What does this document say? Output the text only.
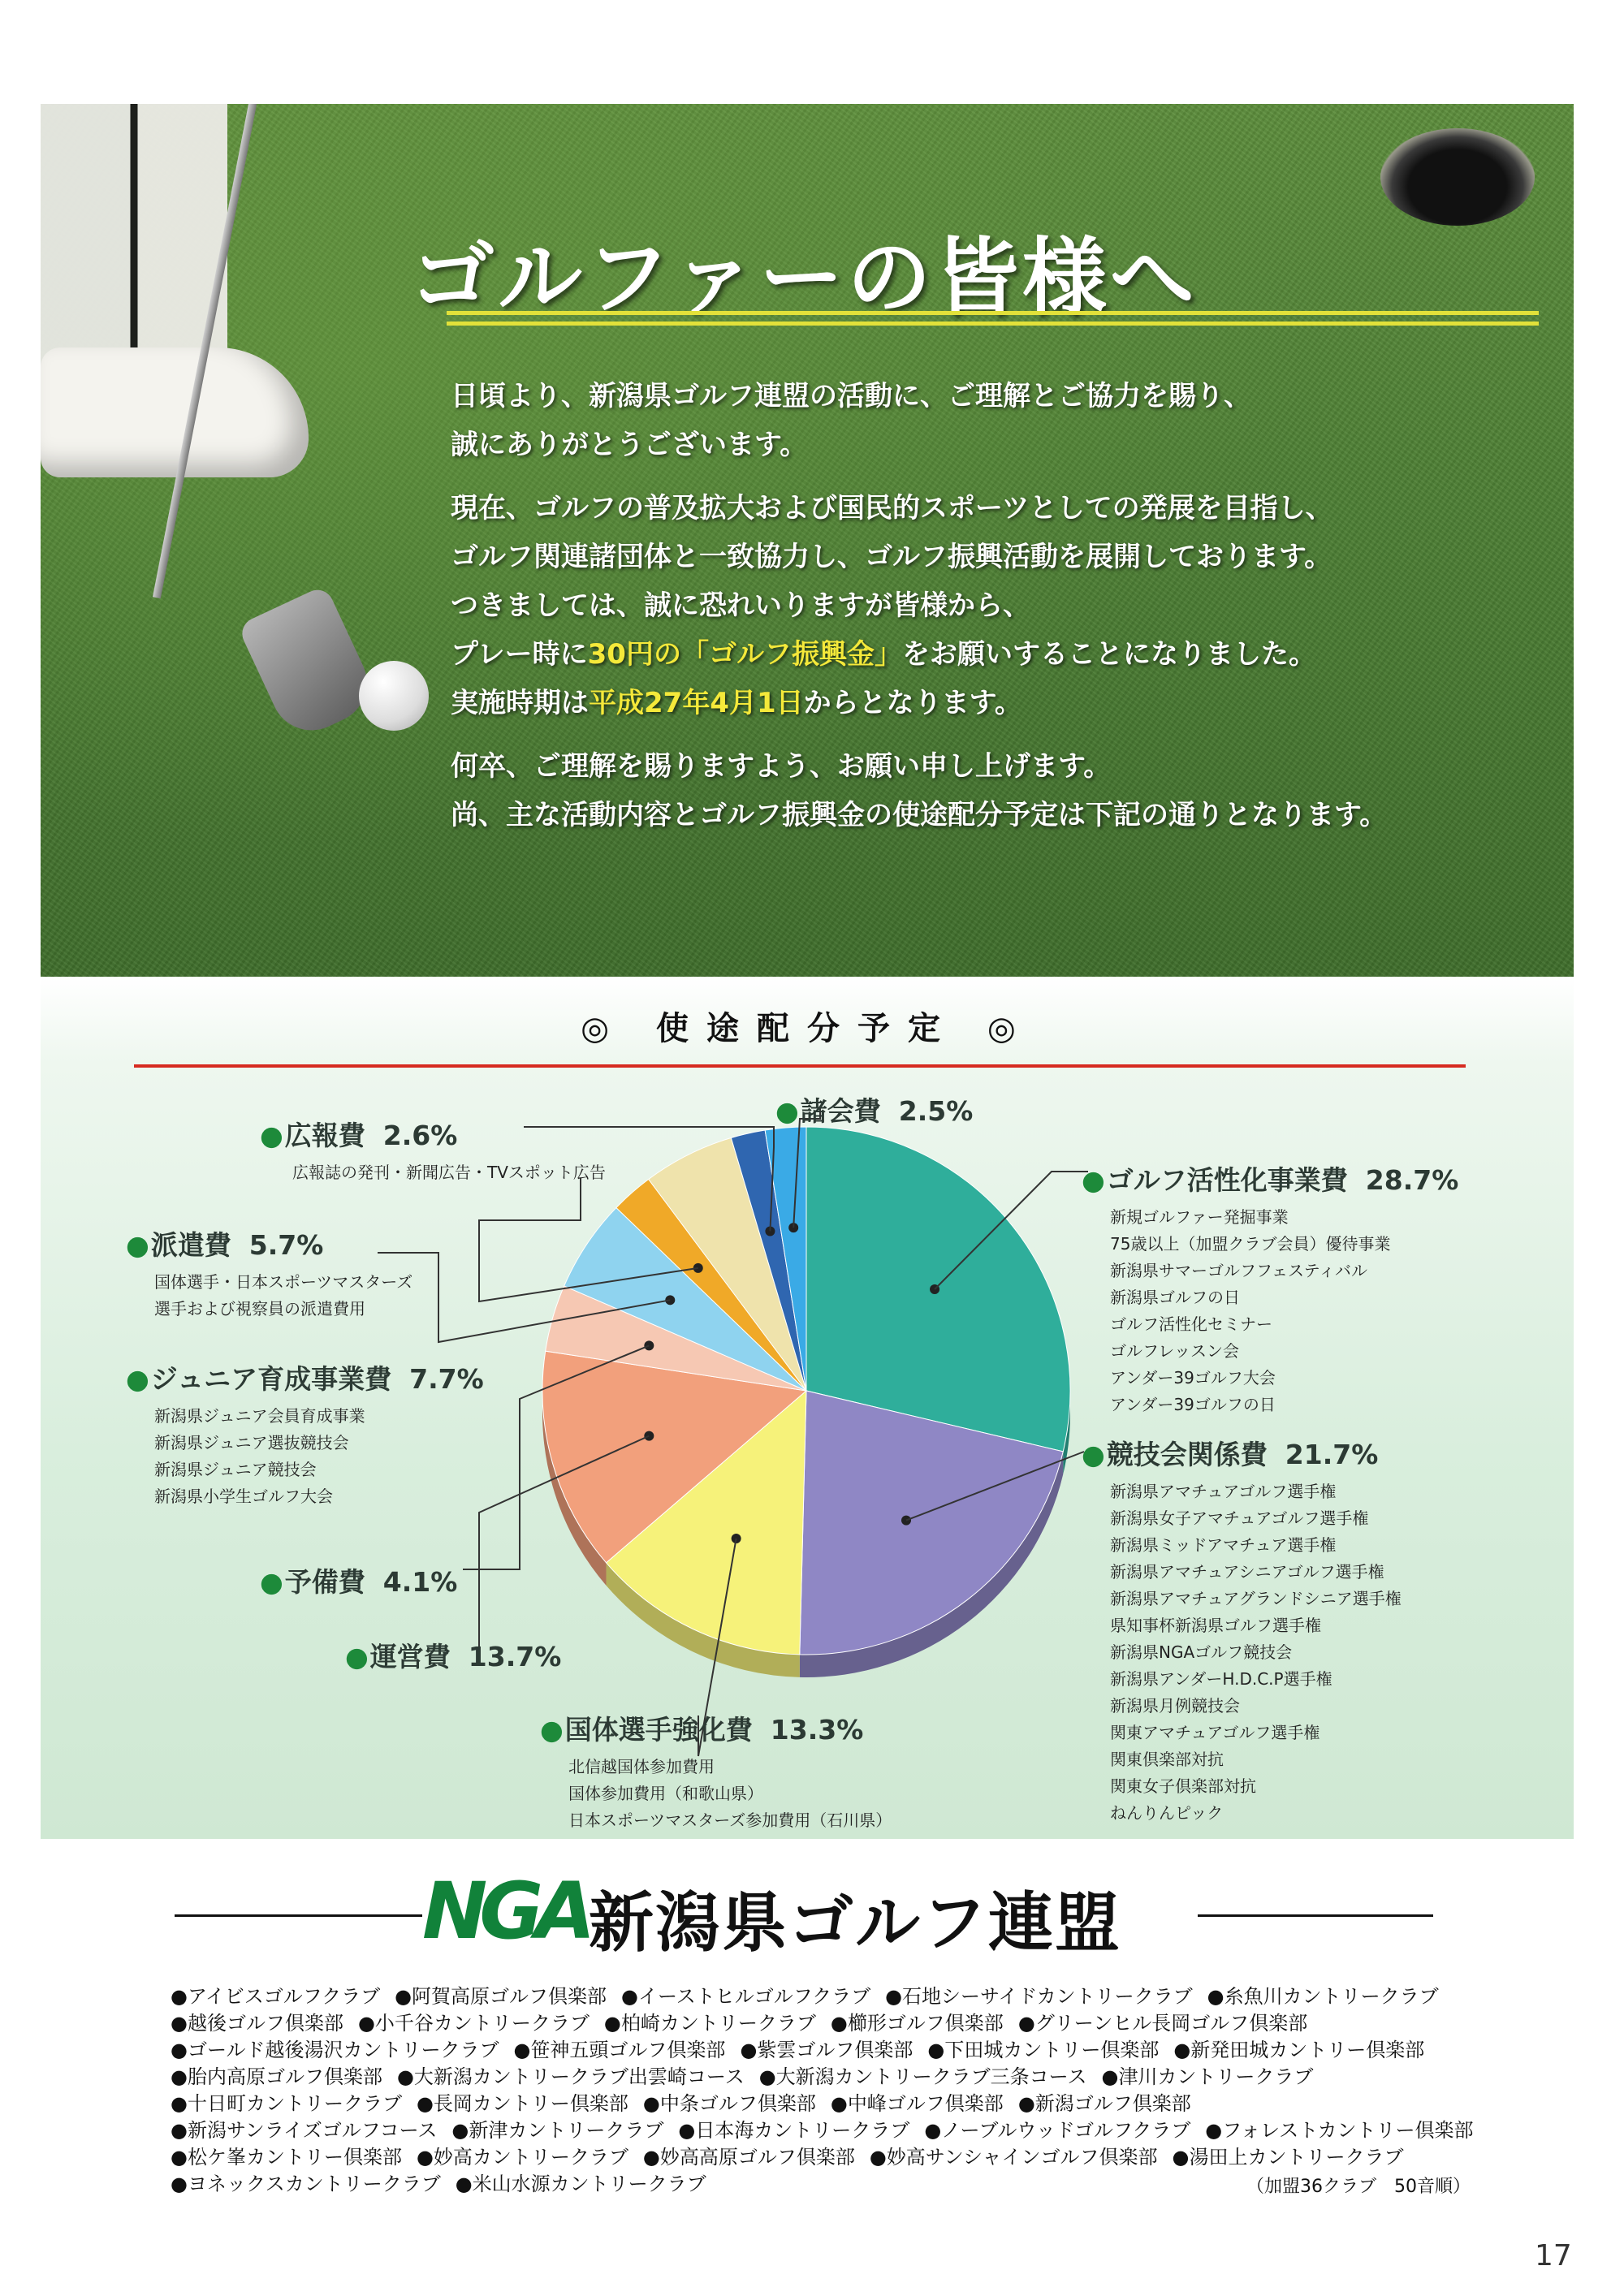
ゴルファーの皆様へ
日頃より、新潟県ゴルフ連盟の活動に、ご理解とご協力を賜り、
誠にありがとうございます。
現在、ゴルフの普及拡大および国民的スポーツとしての発展を目指し、
ゴルフ関連諸団体と一致協力し、ゴルフ振興活動を展開しております。
つきましては、誠に恐れいりますが皆様から、
プレー時に30円の「ゴルフ振興金」をお願いすることになりました。
実施時期は平成27年4月1日からとなります。
何卒、ご理解を賜りますよう、お願い申し上げます。
尚、主な活動内容とゴルフ振興金の使途配分予定は下記の通りとなります。
◎ 使途配分予定 ◎
●広報費 2.6%
広報誌の発刊・新聞広告・TVスポット広告
●諸会費 2.5%
●ゴルフ活性化事業費 28.7%
新規ゴルファー発掘事業
75歳以上（加盟クラブ会員）優待事業
新潟県サマーゴルフフェスティバル
新潟県ゴルフの日
ゴルフ活性化セミナー
ゴルフレッスン会
アンダー39ゴルフ大会
アンダー39ゴルフの日
●派遣費 5.7%
国体選手・日本スポーツマスターズ
選手および視察員の派遣費用
●ジュニア育成事業費 7.7%
新潟県ジュニア会員育成事業
新潟県ジュニア選抜競技会
新潟県ジュニア競技会
新潟県小学生ゴルフ大会
●競技会関係費 21.7%
新潟県アマチュアゴルフ選手権
新潟県女子アマチュアゴルフ選手権
新潟県ミッドアマチュア選手権
新潟県アマチュアシニアゴルフ選手権
新潟県アマチュアグランドシニア選手権
県知事杯新潟県ゴルフ選手権
新潟県NGAゴルフ競技会
新潟県アンダーH.D.C.P選手権
新潟県月例競技会
関東アマチュアゴルフ選手権
関東倶楽部対抗
関東女子倶楽部対抗
ねんりんピック
●予備費 4.1%
●運営費 13.7%
●国体選手強化費 13.3%
北信越国体参加費用
国体参加費用（和歌山県）
日本スポーツマスターズ参加費用（石川県）
NGA 新潟県ゴルフ連盟
●アイビスゴルフクラブ ●阿賀高原ゴルフ倶楽部 ●イーストヒルゴルフクラブ ●石地シーサイドカントリークラブ ●糸魚川カントリークラブ
●越後ゴルフ倶楽部 ●小千谷カントリークラブ ●柏崎カントリークラブ ●櫛形ゴルフ倶楽部 ●グリーンヒル長岡ゴルフ倶楽部
●ゴールド越後湯沢カントリークラブ ●笹神五頭ゴルフ倶楽部 ●紫雲ゴルフ倶楽部 ●下田城カントリー倶楽部 ●新発田城カントリー倶楽部
●胎内高原ゴルフ倶楽部 ●大新潟カントリークラブ出雲崎コース ●大新潟カントリークラブ三条コース ●津川カントリークラブ
●十日町カントリークラブ ●長岡カントリー倶楽部 ●中条ゴルフ倶楽部 ●中峰ゴルフ倶楽部 ●新潟ゴルフ倶楽部
●新潟サンライズゴルフコース ●新津カントリークラブ ●日本海カントリークラブ ●ノーブルウッドゴルフクラブ ●フォレストカントリー倶楽部
●松ケ峯カントリー倶楽部 ●妙高カントリークラブ ●妙高高原ゴルフ倶楽部 ●妙高サンシャインゴルフ倶楽部 ●湯田上カントリークラブ
●ヨネックスカントリークラブ ●米山水源カントリークラブ	（加盟36クラブ　50音順）
17
